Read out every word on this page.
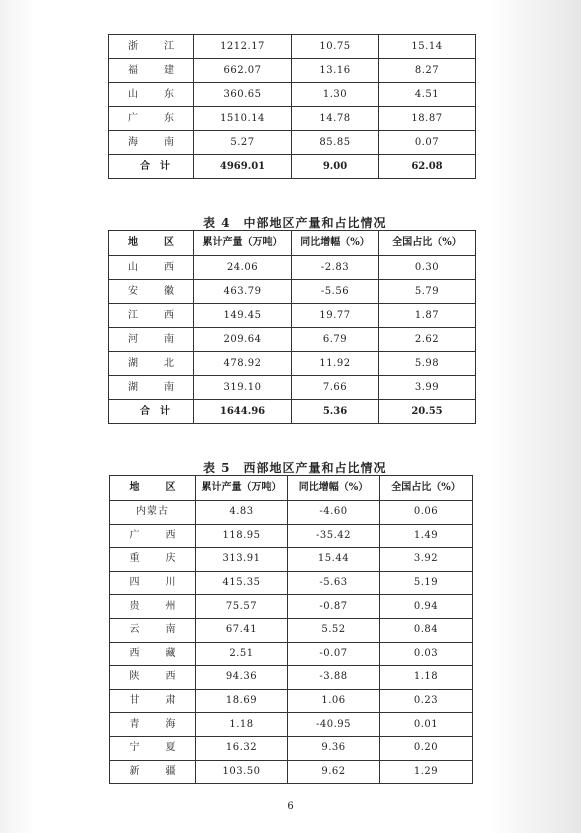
浙　江	1212.17	10.75	15.14
福　建	662.07	13.16	8.27
山　东	360.65	1.30	4.51
广　东	1510.14	14.78	18.87
海　南	5.27	85.85	0.07
合　计	4969.01	9.00	62.08
表 4　中部地区产量和占比情况
地　区	累计产量（万吨）	同比增幅（%）	全国占比（%）
山　西	24.06	-2.83	0.30
安　徽	463.79	-5.56	5.79
江　西	149.45	19.77	1.87
河　南	209.64	6.79	2.62
湖　北	478.92	11.92	5.98
湖　南	319.10	7.66	3.99
合　计	1644.96	5.36	20.55
表 5　西部地区产量和占比情况
地　区	累计产量（万吨）	同比增幅（%）	全国占比（%）
内蒙古	4.83	-4.60	0.06
广　西	118.95	-35.42	1.49
重　庆	313.91	15.44	3.92
四　川	415.35	-5.63	5.19
贵　州	75.57	-0.87	0.94
云　南	67.41	5.52	0.84
西　藏	2.51	-0.07	0.03
陕　西	94.36	-3.88	1.18
甘　肃	18.69	1.06	0.23
青　海	1.18	-40.95	0.01
宁　夏	16.32	9.36	0.20
新　疆	103.50	9.62	1.29
6
